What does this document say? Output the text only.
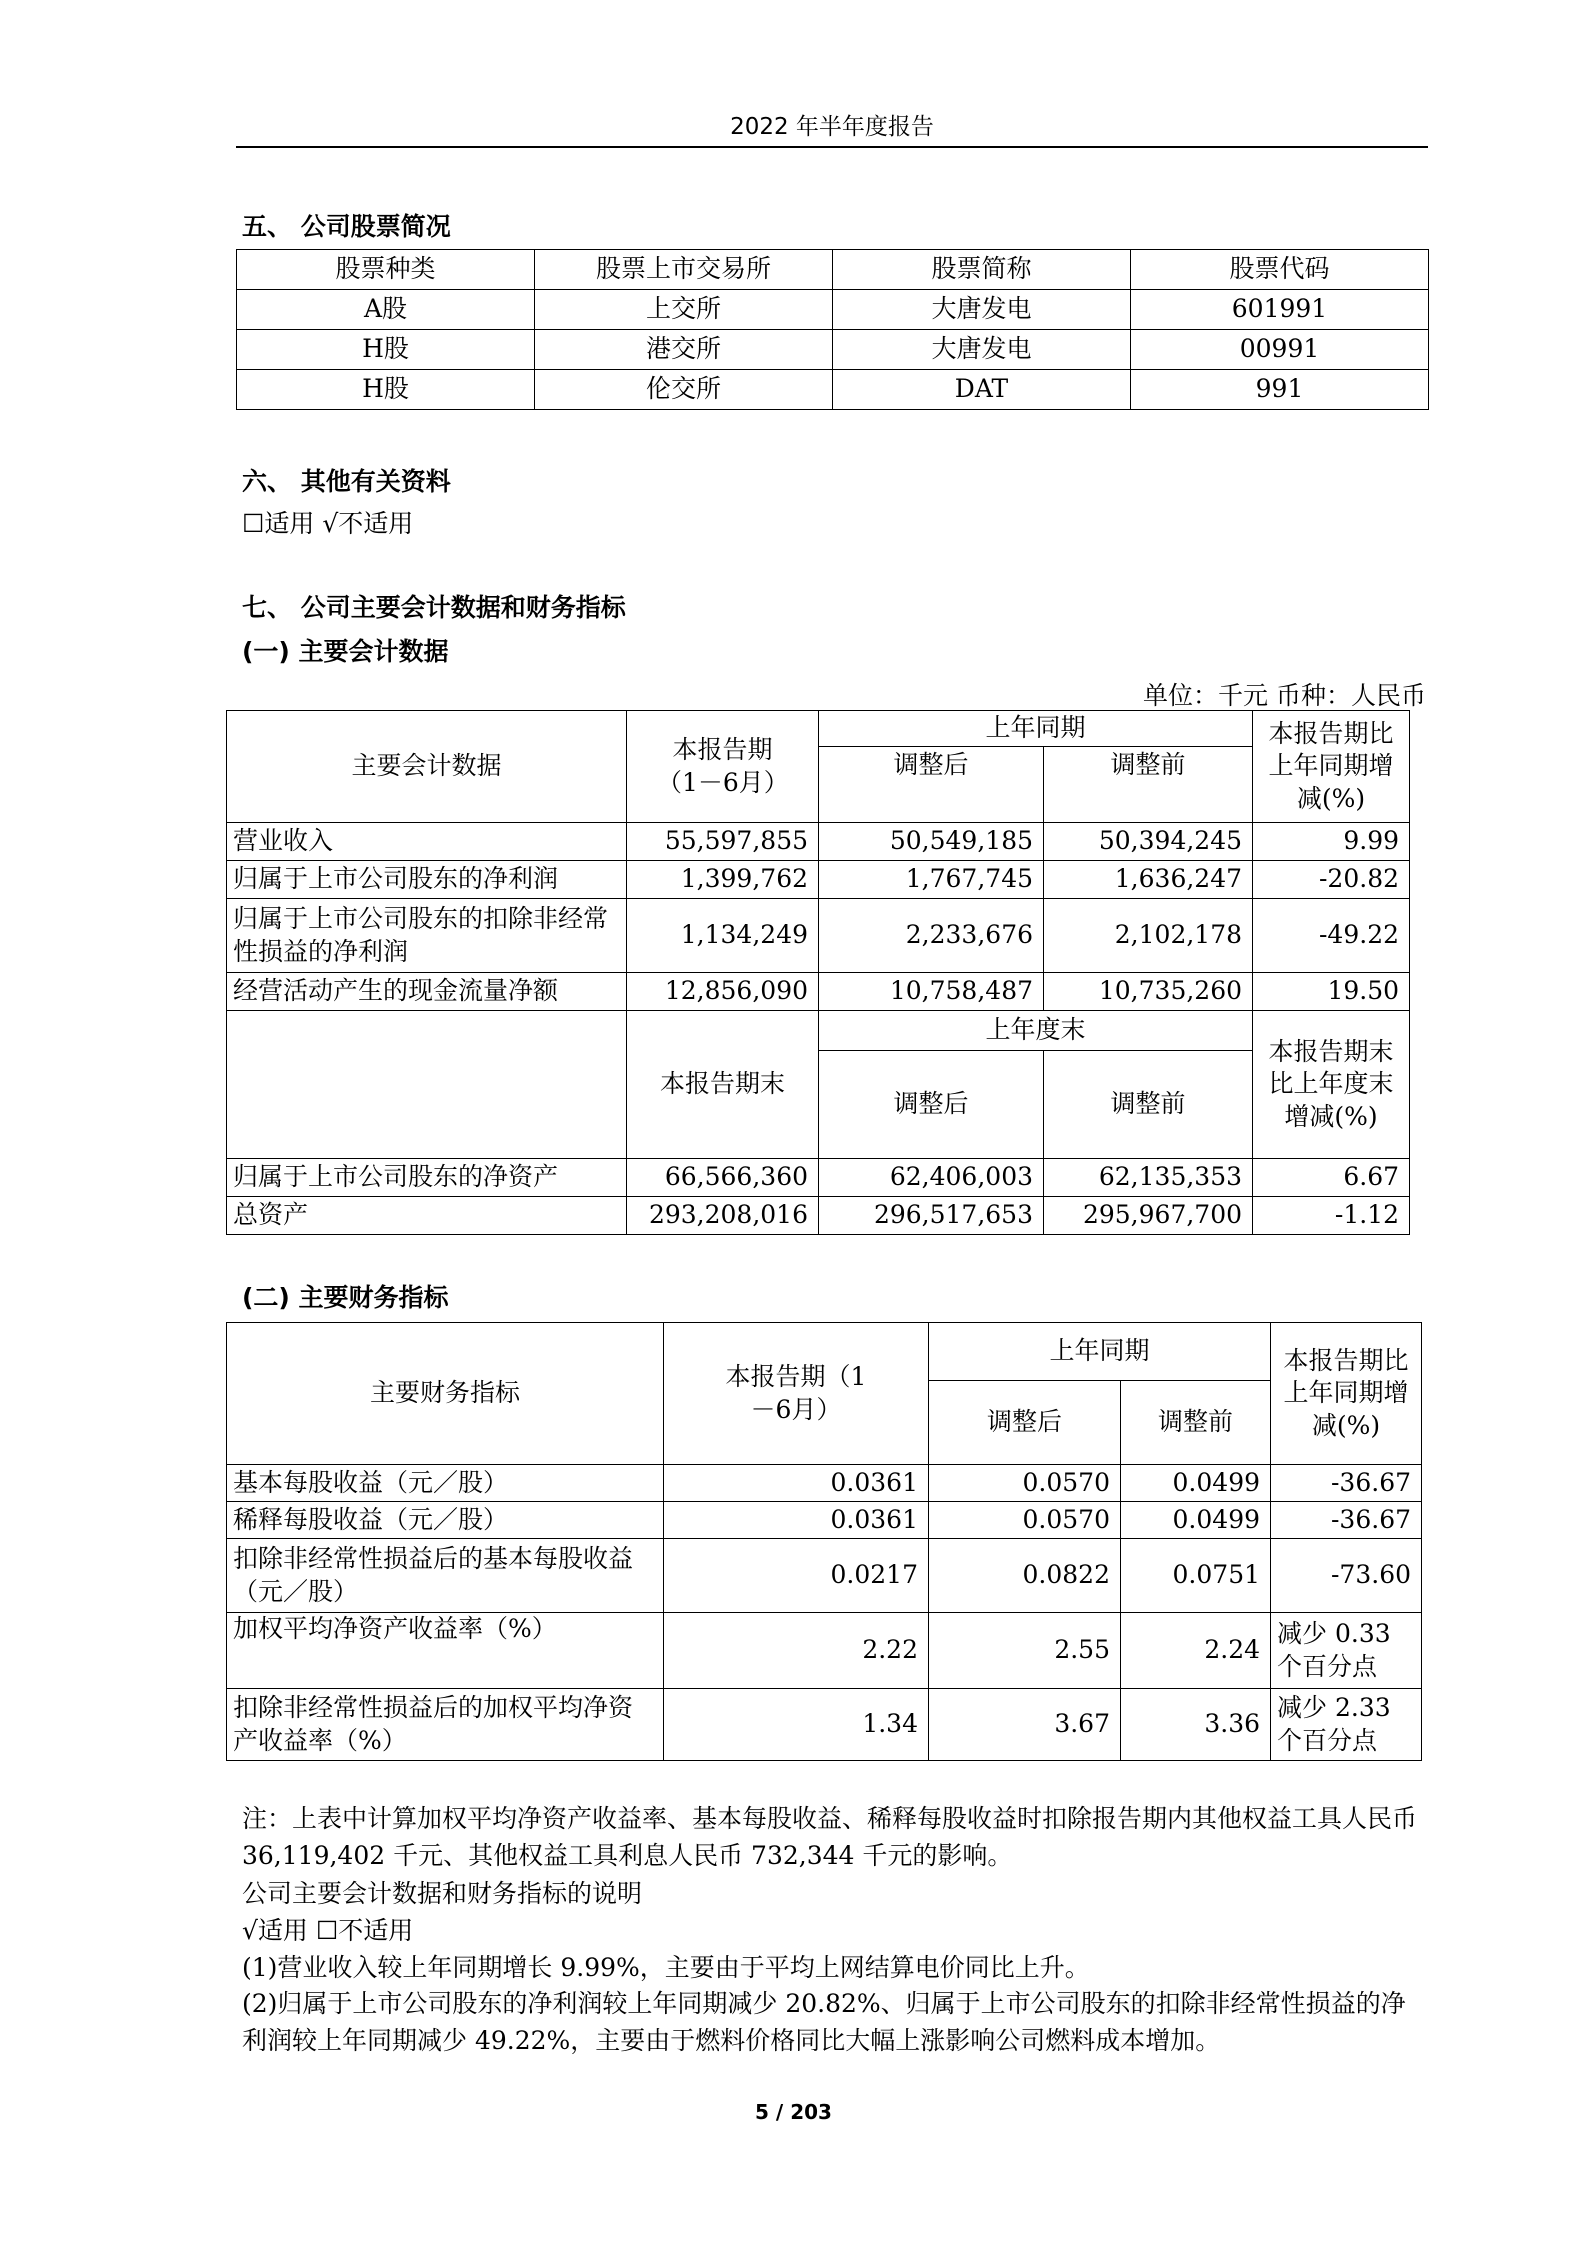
2022 年半年度报告
五、 公司股票简况
股票种类	股票上市交易所	股票简称	股票代码
A股	上交所	大唐发电	601991
H股	港交所	大唐发电	00991
H股	伦交所	DAT	991
六、 其他有关资料
☐适用 √不适用
七、 公司主要会计数据和财务指标
(一) 主要会计数据
单位：千元 币种：人民币
主要会计数据	本报告期（1－6月）	上年同期		本报告期比上年同期增减(%)
		调整后	调整前	
营业收入	55,597,855	50,549,185	50,394,245	9.99
归属于上市公司股东的净利润	1,399,762	1,767,745	1,636,247	-20.82
归属于上市公司股东的扣除非经常性损益的净利润	1,134,249	2,233,676	2,102,178	-49.22
经营活动产生的现金流量净额	12,856,090	10,758,487	10,735,260	19.50
	本报告期末	上年度末		本报告期末比上年度末增减(%)
		调整后	调整前	
归属于上市公司股东的净资产	66,566,360	62,406,003	62,135,353	6.67
总资产	293,208,016	296,517,653	295,967,700	-1.12
(二) 主要财务指标
主要财务指标	本报告期（1－6月）	上年同期		本报告期比上年同期增减(%)
		调整后	调整前	
基本每股收益（元／股）	0.0361	0.0570	0.0499	-36.67
稀释每股收益（元／股）	0.0361	0.0570	0.0499	-36.67
扣除非经常性损益后的基本每股收益（元／股）	0.0217	0.0822	0.0751	-73.60
加权平均净资产收益率（%）	2.22	2.55	2.24	减少 0.33 个百分点
扣除非经常性损益后的加权平均净资产收益率（%）	1.34	3.67	3.36	减少 2.33 个百分点
注：上表中计算加权平均净资产收益率、基本每股收益、稀释每股收益时扣除报告期内其他权益工具人民币 36,119,402 千元、其他权益工具利息人民币 732,344 千元的影响。
公司主要会计数据和财务指标的说明
√适用 ☐不适用
(1)营业收入较上年同期增长 9.99%，主要由于平均上网结算电价同比上升。
(2)归属于上市公司股东的净利润较上年同期减少 20.82%、归属于上市公司股东的扣除非经常性损益的净利润较上年同期减少 49.22%，主要由于燃料价格同比大幅上涨影响公司燃料成本增加。
5 / 203
